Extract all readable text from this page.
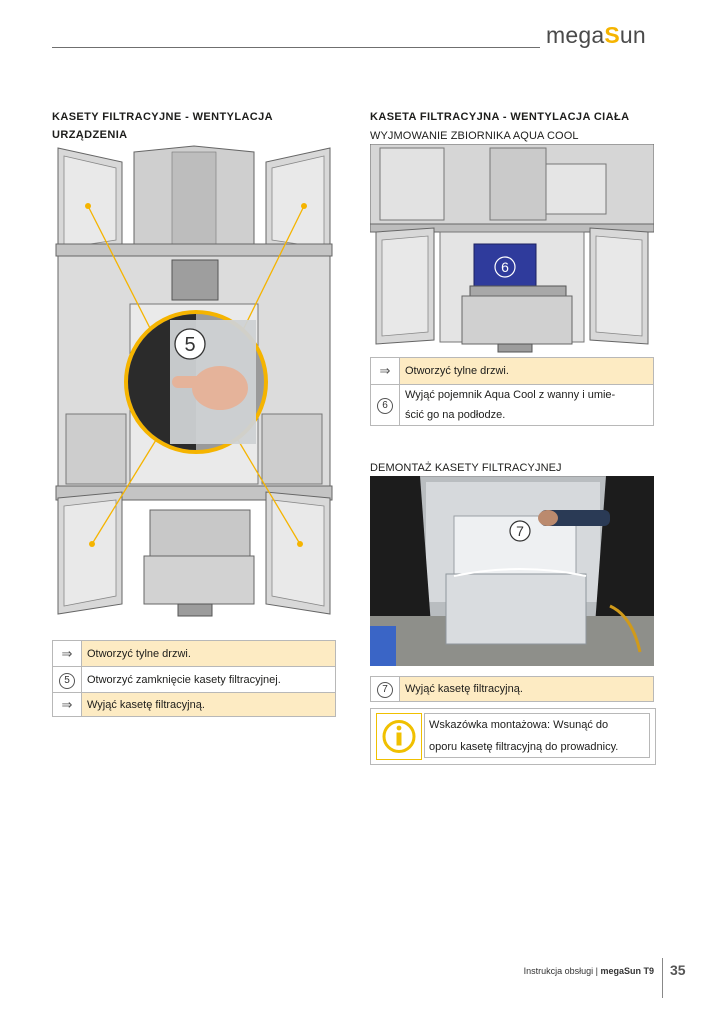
megaSun
KASETY FILTRACYJNE - WENTYLACJA
URZĄDZENIA
5
⇒	Otworzyć tylne drzwi.
5	Otworzyć zamknięcie kasety filtracyjnej.
⇒	Wyjąć kasetę filtracyjną.
KASETA FILTRACYJNA - WENTYLACJA CIAŁA
WYJMOWANIE ZBIORNIKA AQUA COOL
6
⇒	Otworzyć tylne drzwi.
6	Wyjąć pojemnik Aqua Cool z wanny i umie-
ścić go na podłodze.
DEMONTAŻ KASETY FILTRACYJNEJ
7
7	Wyjąć kasetę filtracyjną.
Wskazówka montażowa: Wsunąć do
oporu kasetę filtracyjną do prowadnicy.
Instrukcja obsługi | megaSun T9 35
